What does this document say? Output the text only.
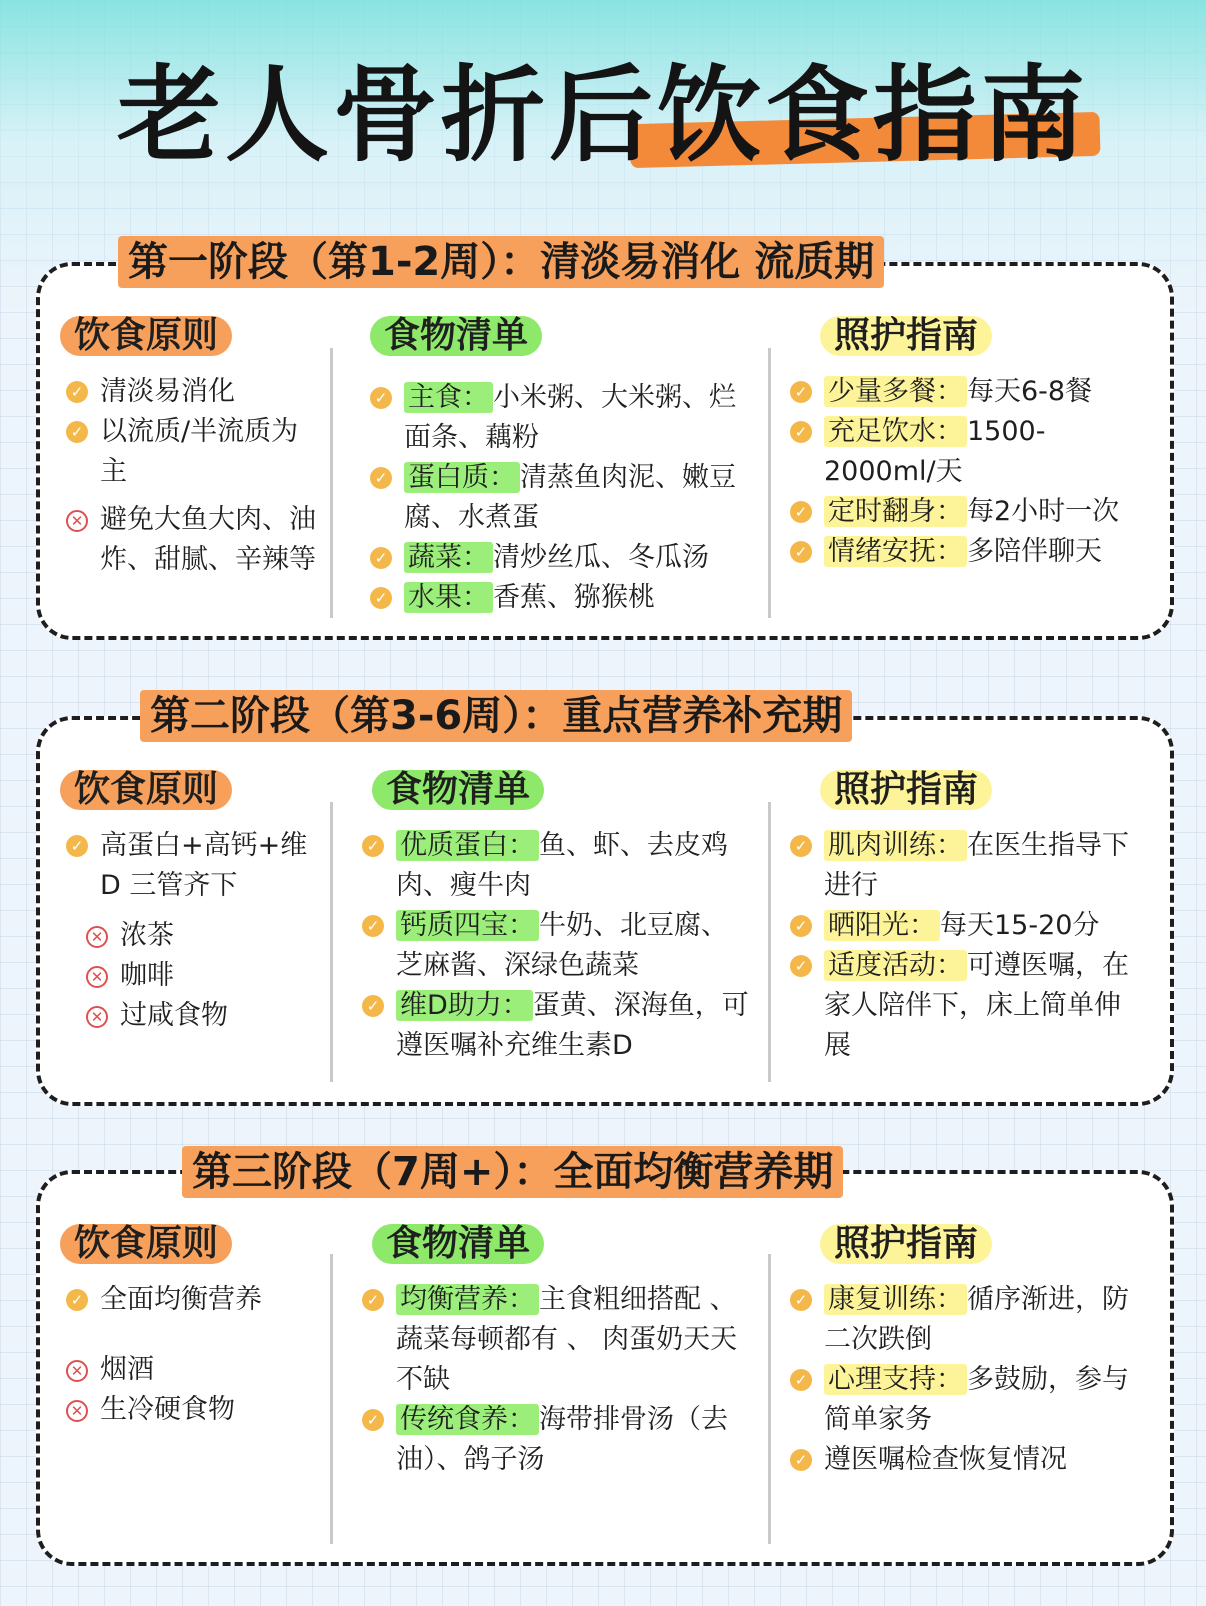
老人骨折后饮食指南
饮食原则
✓ 清淡易消化
✓ 以流质/半流质为主
✕ 避免大鱼大肉、油炸、甜腻、辛辣等
食物清单
✓ 主食： 小米粥、大米粥、烂面条、藕粉
✓ 蛋白质： 清蒸鱼肉泥、嫩豆腐、水煮蛋
✓ 蔬菜： 清炒丝瓜、冬瓜汤
✓ 水果： 香蕉、猕猴桃
照护指南
✓ 少量多餐： 每天6-8餐
✓ 充足饮水： 1500-2000ml/天
✓ 定时翻身： 每2小时一次
✓ 情绪安抚： 多陪伴聊天
第一阶段（第1-2周）：清淡易消化 流质期
饮食原则
✓ 高蛋白+高钙+维D 三管齐下
✕ 浓茶
✕ 咖啡
✕ 过咸食物
食物清单
✓ 优质蛋白： 鱼、虾、去皮鸡肉、瘦牛肉
✓ 钙质四宝： 牛奶、北豆腐、芝麻酱、深绿色蔬菜
✓ 维D助力： 蛋黄、深海鱼，可遵医嘱补充维生素D
照护指南
✓ 肌肉训练： 在医生指导下进行
✓ 晒阳光： 每天15-20分
✓ 适度活动： 可遵医嘱，在家人陪伴下，床上简单伸展
第二阶段（第3-6周）：重点营养补充期
饮食原则
✓ 全面均衡营养
✕ 烟酒
✕ 生冷硬食物
食物清单
✓ 均衡营养： 主食粗细搭配 、蔬菜每顿都有 、 肉蛋奶天天不缺
✓ 传统食养： 海带排骨汤（去油）、鸽子汤
照护指南
✓ 康复训练： 循序渐进，防二次跌倒
✓ 心理支持： 多鼓励，参与简单家务
✓ 遵医嘱检查恢复情况
第三阶段（7周+）：全面均衡营养期
